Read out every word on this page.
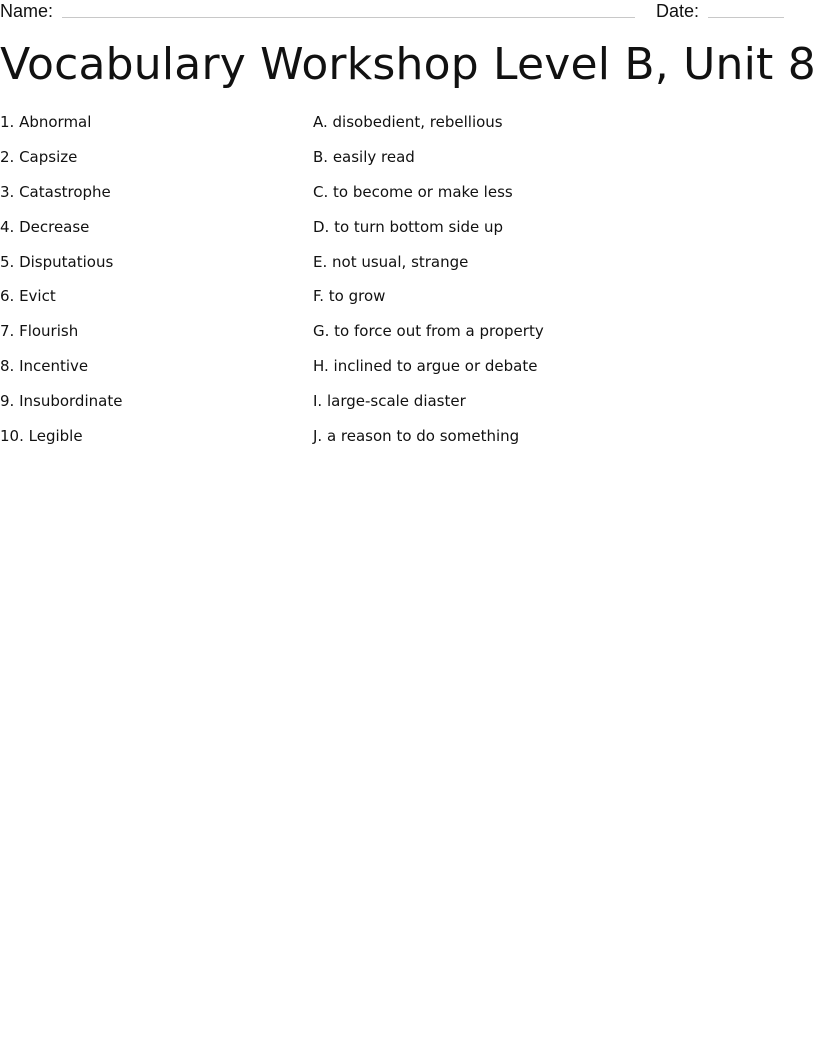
Name:	Date:
Vocabulary Workshop Level B, Unit 8
1. Abnormal
2. Capsize
3. Catastrophe
4. Decrease
5. Disputatious
6. Evict
7. Flourish
8. Incentive
9. Insubordinate
10. Legible
A. disobedient, rebellious
B. easily read
C. to become or make less
D. to turn bottom side up
E. not usual, strange
F. to grow
G. to force out from a property
H. inclined to argue or debate
I. large-scale diaster
J. a reason to do something
